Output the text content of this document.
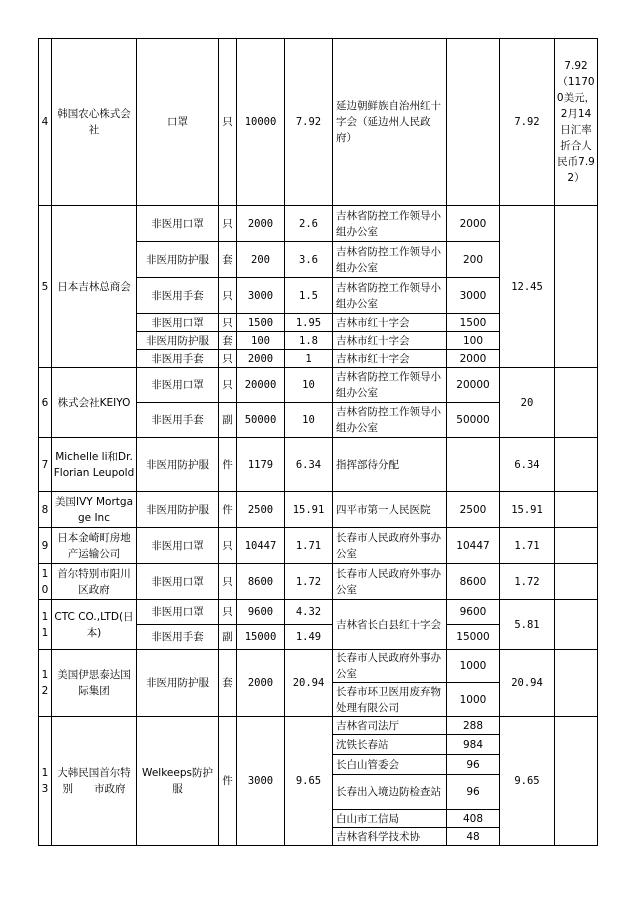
4	韩国农心株式会社	口罩	只	10000	7.92	延边朝鲜族自治州红十字会（延边州人民政府）		7.92	7.92（11700美元，2月14日汇率折合人民币7.92）
5	日本吉林总商会	非医用口罩	只	2000	2.6	吉林省防控工作领导小组办公室	2000	12.45	
		非医用防护服	套	200	3.6	吉林省防控工作领导小组办公室	200		
		非医用手套	只	3000	1.5	吉林省防控工作领导小组办公室	3000		
		非医用口罩	只	1500	1.95	吉林市红十字会	1500		
		非医用防护服	套	100	1.8	吉林市红十字会	100		
		非医用手套	只	2000	1	吉林市红十字会	2000		
6	株式会社KEIYO	非医用口罩	只	20000	10	吉林省防控工作领导小组办公室	20000	20	
		非医用手套	副	50000	10	吉林省防控工作领导小组办公室	50000		
7	Michelle li和Dr.Florian Leupold	非医用防护服	件	1179	6.34	指挥部待分配		6.34	
8	美国IVY Mortgage Inc	非医用防护服	件	2500	15.91	四平市第一人民医院	2500	15.91	
9	日本金崎町房地产运输公司	非医用口罩	只	10447	1.71	长春市人民政府外事办公室	10447	1.71	
10	首尔特别市阳川区政府	非医用口罩	只	8600	1.72	长春市人民政府外事办公室	8600	1.72	
11	CTC CO.,LTD(日本)	非医用口罩	只	9600	4.32	吉林省长白县红十字会	9600	5.81	
		非医用手套	副	15000	1.49		15000		
12	美国伊思泰达国际集团	非医用防护服	套	2000	20.94	长春市人民政府外事办公室	1000	20.94	
						长春市环卫医用废弃物处理有限公司	1000		
13	大韩民国首尔特别　　市政府	Welkeeps防护服	件	3000	9.65	吉林省司法厅	288	9.65	
						沈铁长春站	984		
						长白山管委会	96		
						长春出入境边防检查站	96		
						白山市工信局	408		
						吉林省科学技术协	48		
